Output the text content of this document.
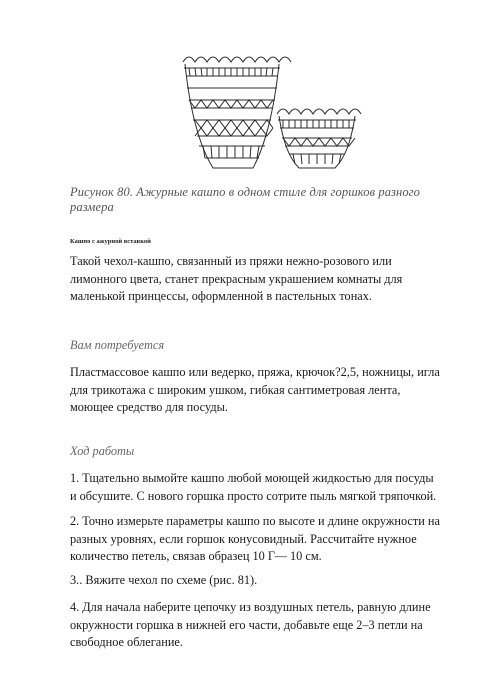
Рисунок 80. Ажурные кашпо в одном стиле для горшков разного размера
Кашпо с ажурной вставкой
Такой чехол-кашпо, связанный из пряжи нежно-розового или лимонного цвета, станет прекрасным украшением комнаты для маленькой принцессы, оформленной в пастельных тонах.
Вам потребуется
Пластмассовое кашпо или ведерко, пряжа, крючок?2,5, ножницы, игла для трикотажа с широким ушком, гибкая сантиметровая лента, моющее средство для посуды.
Ход работы
1. Тщательно вымойте кашпо любой моющей жидкостью для посуды и обсушите. С нового горшка просто сотрите пыль мягкой тряпочкой.
2. Точно измерьте параметры кашпо по высоте и длине окружности на разных уровнях, если горшок конусовидный. Рассчитайте нужное количество петель, связав образец 10 Г— 10 см.
3.. Вяжите чехол по схеме (рис. 81).
4. Для начала наберите цепочку из воздушных петель, равную длине окружности горшка в нижней его части, добавьте еще 2–3 петли на свободное облегание.
